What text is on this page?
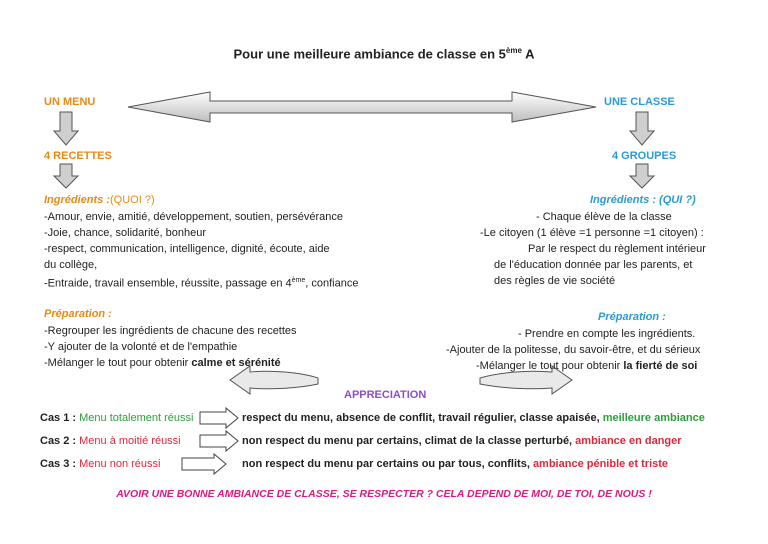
Pour une meilleure ambiance de classe en 5ème A
UN MENU
4 RECETTES
Ingrédients :(QUOI ?)
-Amour, envie, amitié, développement, soutien, persévérance
-Joie, chance, solidarité, bonheur
-respect, communication, intelligence, dignité, écoute, aide
du collège,
-Entraide, travail ensemble, réussite, passage en 4ème, confiance
Préparation :
-Regrouper les ingrédients de chacune des recettes
-Y ajouter de la volonté et de l'empathie
-Mélanger le tout pour obtenir calme et sérénité
UNE CLASSE
4 GROUPES
Ingrédients : (QUI ?)
- Chaque élève de la classe
-Le citoyen (1 élève =1 personne =1 citoyen) :
Par le respect du règlement intérieur
de l'éducation donnée par les parents, et
des règles de vie société
Préparation :
- Prendre en compte les ingrédients.
-Ajouter de la politesse, du savoir-être, et du sérieux
-Mélanger le tout pour obtenir la fierté de soi
APPRECIATION
Cas 1 : Menu totalement réussi	respect du menu, absence de conflit, travail régulier, classe apaisée, meilleure ambiance
Cas 2 : Menu à moitié réussi	non respect du menu par certains, climat de la classe perturbé, ambiance en danger
Cas 3 : Menu non réussi	non respect du menu par certains ou par tous, conflits, ambiance pénible et triste
AVOIR UNE BONNE AMBIANCE DE CLASSE, SE RESPECTER ? CELA DEPEND DE MOI, DE TOI, DE NOUS !
